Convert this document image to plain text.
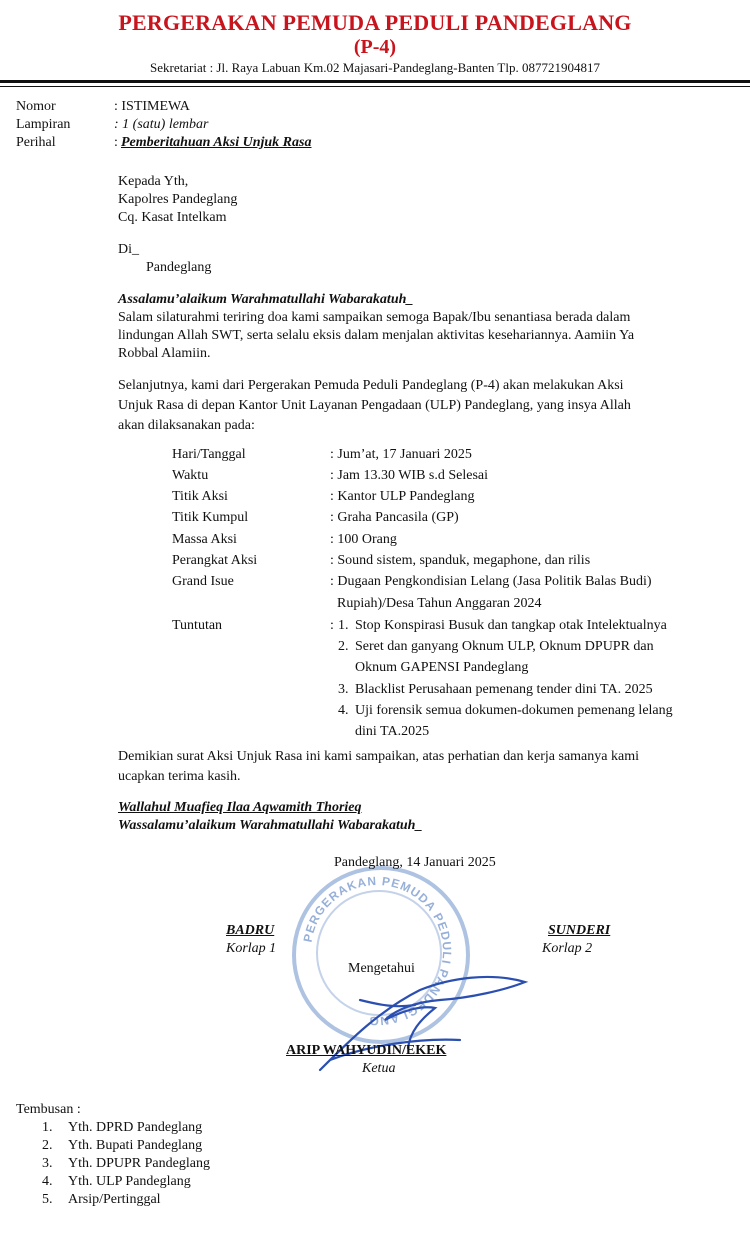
PERGERAKAN PEMUDA PEDULI PANDEGLANG
(P-4)
Sekretariat : Jl. Raya Labuan Km.02 Majasari-Pandeglang-Banten Tlp. 087721904817
Nomor	: ISTIMEWA
Lampiran	: 1 (satu) lembar
Perihal	: Pemberitahuan Aksi Unjuk Rasa
Kepada Yth,
Kapolres Pandeglang
Cq. Kasat Intelkam
Di_
Pandeglang
Assalamu’alaikum Warahmatullahi Wabarakatuh_
Salam silaturahmi teriring doa kami sampaikan semoga Bapak/Ibu senantiasa berada dalam
lindungan Allah SWT, serta selalu eksis dalam menjalan aktivitas kesehariannya. Aamiin Ya
Robbal Alamiin.
Selanjutnya, kami dari Pergerakan Pemuda Peduli Pandeglang (P-4) akan melakukan Aksi
Unjuk Rasa di depan Kantor Unit Layanan Pengadaan (ULP) Pandeglang, yang insya Allah
akan dilaksanakan pada:
Hari/Tanggal	: Jum’at, 17 Januari 2025
Waktu	: Jam 13.30 WIB s.d Selesai
Titik Aksi	: Kantor ULP Pandeglang
Titik Kumpul	: Graha Pancasila (GP)
Massa Aksi	: 100 Orang
Perangkat Aksi	: Sound sistem, spanduk, megaphone, dan rilis
Grand Isue	: Dugaan Pengkondisian Lelang (Jasa Politik Balas Budi)
Rupiah)/Desa Tahun Anggaran 2024
Tuntutan	: 1. Stop Konspirasi Busuk dan tangkap otak Intelektualnya
2. Seret dan ganyang Oknum ULP, Oknum DPUPR dan
Oknum GAPENSI Pandeglang
3. Blacklist Perusahaan pemenang tender dini TA. 2025
4. Uji forensik semua dokumen-dokumen pemenang lelang
dini TA.2025
Demikian surat Aksi Unjuk Rasa ini kami sampaikan, atas perhatian dan kerja samanya kami
ucapkan terima kasih.
Wallahul Muafieq Ilaa Aqwamith Thorieq
Wassalamu’alaikum Warahmatullahi Wabarakatuh_
PERGERAKAN PEMUDA PEDULI PANDEGLANG
Pandeglang, 14 Januari 2025
BADRU
Korlap 1
SUNDERI
Korlap 2
Mengetahui
ARIP WAHYUDIN/EKEK
Ketua
Tembusan :
1. Yth. DPRD Pandeglang
2. Yth. Bupati Pandeglang
3. Yth. DPUPR Pandeglang
4. Yth. ULP Pandeglang
5. Arsip/Pertinggal
